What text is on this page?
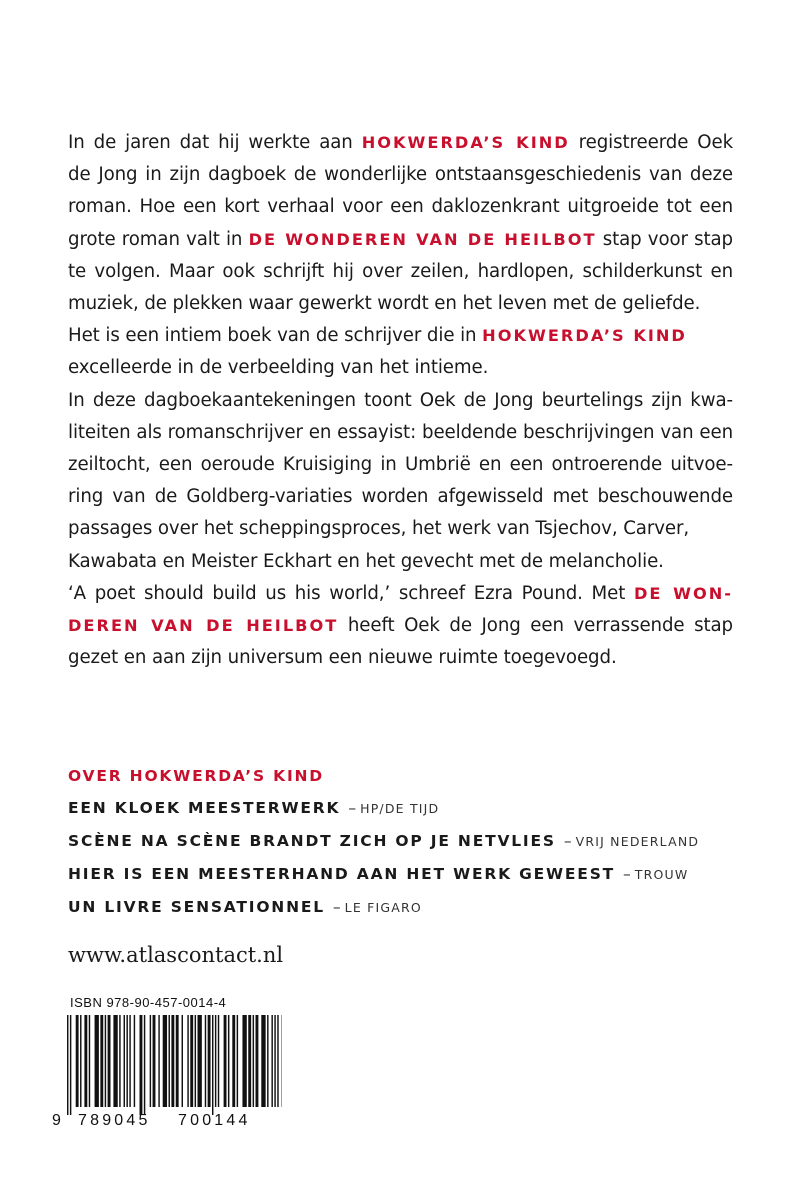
In de jaren dat hij werkte aan HOKWERDA’S KIND registreerde Oek
de Jong in zijn dagboek de wonderlijke ontstaansgeschiedenis van deze
roman. Hoe een kort verhaal voor een daklozenkrant uitgroeide tot een
grote roman valt in DE WONDEREN VAN DE HEILBOT stap voor stap
te volgen. Maar ook schrijft hij over zeilen, hardlopen, schilderkunst en
muziek, de plekken waar gewerkt wordt en het leven met de geliefde.
Het is een intiem boek van de schrijver die in HOKWERDA’S KIND
excelleerde in de verbeelding van het intieme.
In deze dagboekaantekeningen toont Oek de Jong beurtelings zijn kwa-
liteiten als romanschrijver en essayist: beeldende beschrijvingen van een
zeiltocht, een oeroude Kruisiging in Umbrië en een ontroerende uitvoe-
ring van de Goldberg-variaties worden afgewisseld met beschouwende
passages over het scheppingsproces, het werk van Tsjechov, Carver,
Kawabata en Meister Eckhart en het gevecht met de melancholie.
‘A poet should build us his world,’ schreef Ezra Pound. Met DE WON-
DEREN VAN DE HEILBOT heeft Oek de Jong een verrassende stap
gezet en aan zijn universum een nieuwe ruimte toegevoegd.
OVER HOKWERDA’S KIND
EEN KLOEK MEESTERWERK – HP/DE TIJD
SCÈNE NA SCÈNE BRANDT ZICH OP JE NETVLIES – VRIJ NEDERLAND
HIER IS EEN MEESTERHAND AAN HET WERK GEWEEST – TROUW
UN LIVRE SENSATIONNEL – LE FIGARO
www.atlascontact.nl
ISBN 978-90-457-0014-4
9 789045 700144
